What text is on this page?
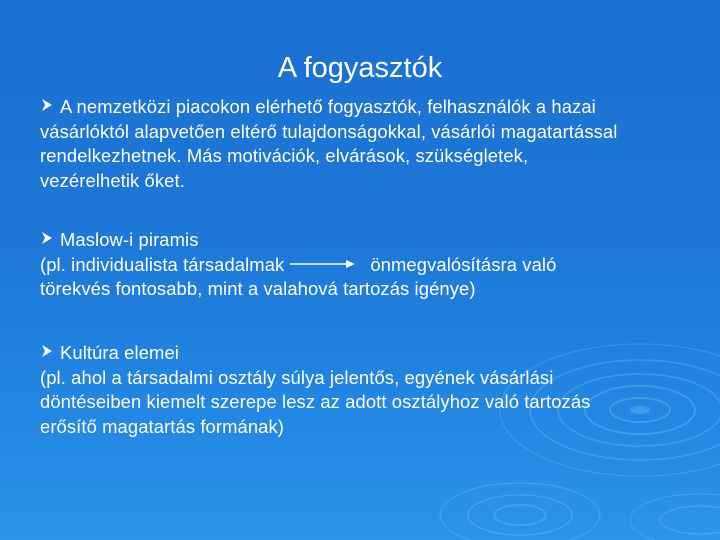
A fogyasztók
A nemzetközi piacokon elérhető fogyasztók, felhasználók a hazai
vásárlóktól alapvetően eltérő tulajdonságokkal, vásárlói magatartással
rendelkezhetnek. Más motivációk, elvárások, szükségletek,
vezérelhetik őket.
Maslow-i piramis
(pl. individualista társadalmak	önmegvalósításra való
törekvés fontosabb, mint a valahová tartozás igénye)
Kultúra elemei
(pl. ahol a társadalmi osztály súlya jelentős, egyének vásárlási
döntéseiben kiemelt szerepe lesz az adott osztályhoz való tartozás
erősítő magatartás formának)
